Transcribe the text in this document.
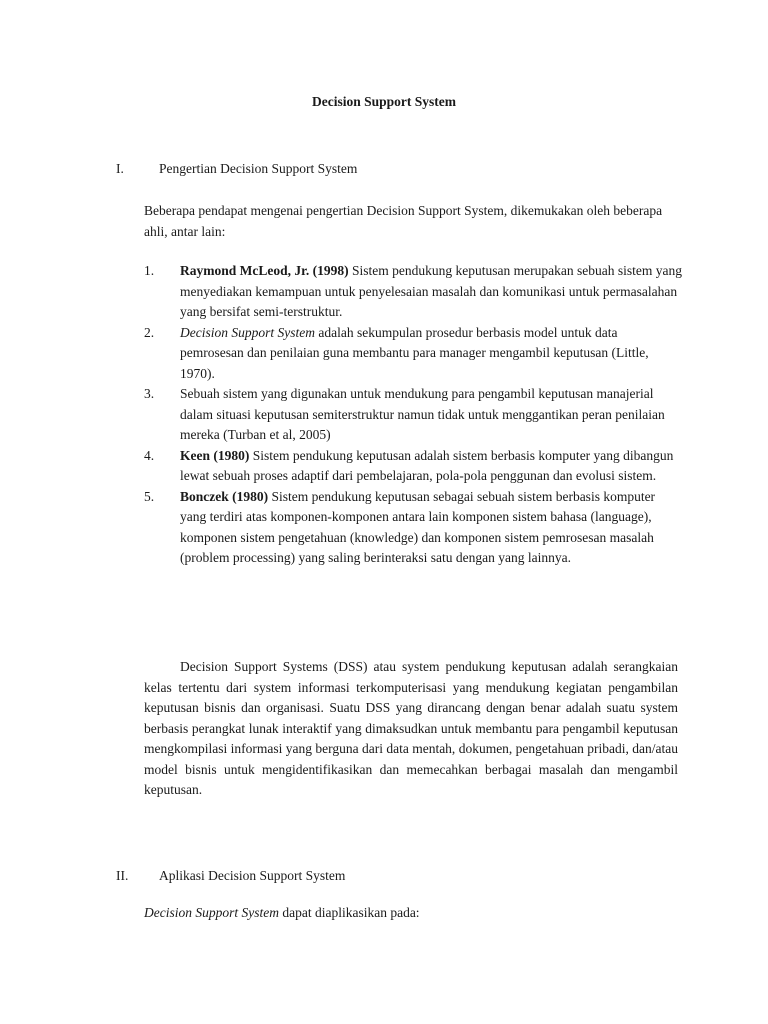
Decision Support System
I.	Pengertian Decision Support System
Beberapa pendapat mengenai pengertian Decision Support System, dikemukakan oleh beberapa ahli, antar lain:
1.	Raymond McLeod, Jr. (1998) Sistem pendukung keputusan merupakan sebuah sistem yang menyediakan kemampuan untuk penyelesaian masalah dan komunikasi untuk permasalahan yang bersifat semi-terstruktur.
2.	Decision Support System adalah sekumpulan prosedur berbasis model untuk data pemrosesan dan penilaian guna membantu para manager mengambil keputusan (Little, 1970).
3.	Sebuah sistem yang digunakan untuk mendukung para pengambil keputusan manajerial dalam situasi keputusan semiterstruktur namun tidak untuk menggantikan peran penilaian mereka (Turban et al, 2005)
4.	Keen (1980) Sistem pendukung keputusan adalah sistem berbasis komputer yang dibangun lewat sebuah proses adaptif dari pembelajaran, pola-pola penggunan dan evolusi sistem.
5.	Bonczek (1980) Sistem pendukung keputusan sebagai sebuah sistem berbasis komputer yang terdiri atas komponen-komponen antara lain komponen sistem bahasa (language), komponen sistem pengetahuan (knowledge) dan komponen sistem pemrosesan masalah (problem processing) yang saling berinteraksi satu dengan yang lainnya.
Decision Support Systems (DSS) atau system pendukung keputusan adalah serangkaian kelas tertentu dari system informasi terkomputerisasi yang mendukung kegiatan pengambilan keputusan bisnis dan organisasi. Suatu DSS yang dirancang dengan benar adalah suatu system berbasis perangkat lunak interaktif yang dimaksudkan untuk membantu para pengambil keputusan mengkompilasi informasi yang berguna dari data mentah, dokumen, pengetahuan pribadi, dan/atau model bisnis untuk mengidentifikasikan dan memecahkan berbagai masalah dan mengambil keputusan.
II.	Aplikasi Decision Support System
Decision Support System dapat diaplikasikan pada:
